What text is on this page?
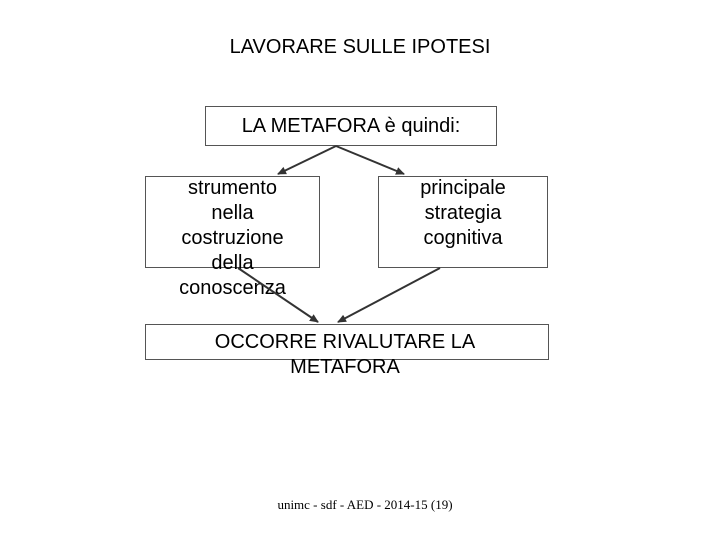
LAVORARE SULLE IPOTESI
LA METAFORA è quindi:
strumento
nella
costruzione
della
conoscenza
principale
strategia
cognitiva
OCCORRE RIVALUTARE LA
METAFORA
unimc - sdf - AED - 2014-15 (19)
